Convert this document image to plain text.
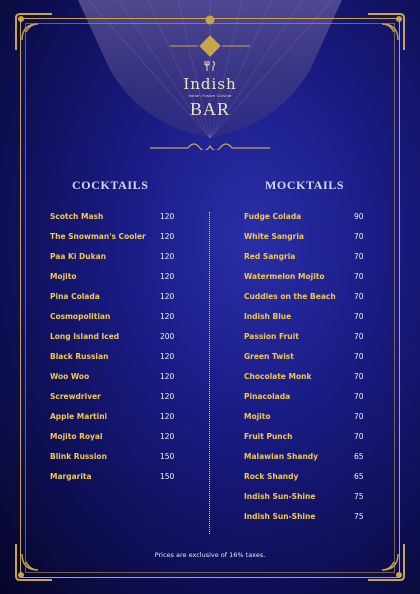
Indish
Indian Fusion Cuisine
BAR
COCKTAILS	MOCKTAILS
Scotch Mash	120
The Snowman's Cooler 120
Paa Ki Dukan	120
Mojito	120
Pina Colada	120
Cosmopolitian	120
Long Island Iced	200
Black Russian	120
Woo Woo	120
Screwdriver	120
Apple Martini	120
Mojito Royal	120
Blink Russion	150
Margarita	150
Fudge Colada	90
White Sangria	70
Red Sangria	70
Watermelon Mojito	70
Cuddles on the Beach 70
Indish Blue	70
Passion Fruit	70
Green Twist	70
Chocolate Monk	70
Pinacolada	70
Mojito	70
Fruit Punch	70
Malawian Shandy	65
Rock Shandy	65
Indish Sun-Shine	75
Indish Sun-Shine	75
Prices are exclusive of 16% taxes.
